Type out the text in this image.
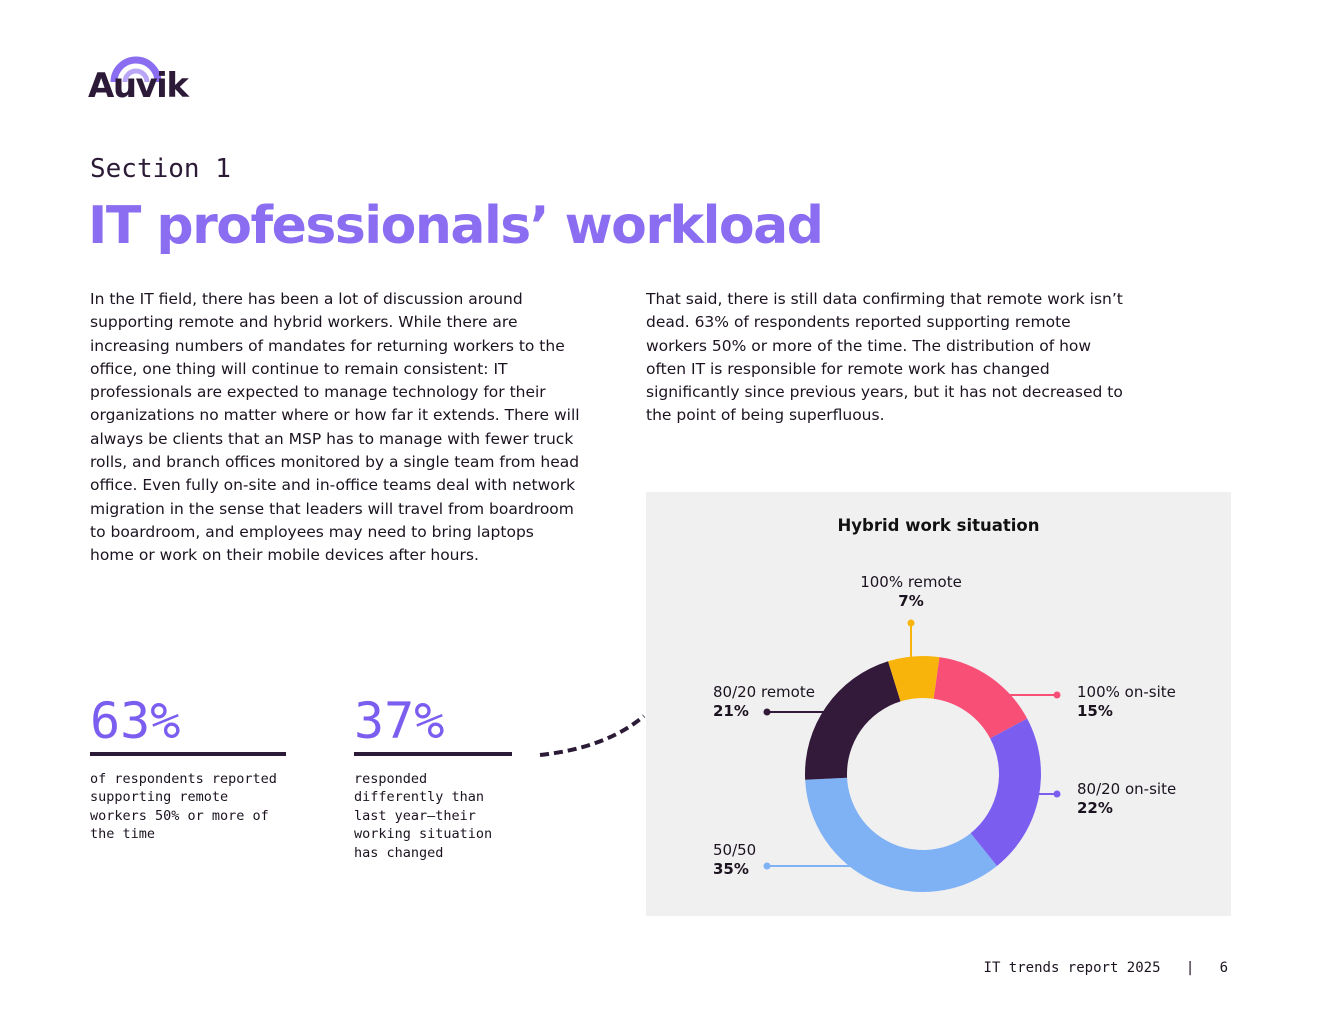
Auvik
Section 1
IT professionals’ workload
In the IT field, there has been a lot of discussion around supporting remote and hybrid workers. While there are increasing numbers of mandates for returning workers to the office, one thing will continue to remain consistent: IT professionals are expected to manage technology for their organizations no matter where or how far it extends. There will always be clients that an MSP has to manage with fewer truck rolls, and branch offices monitored by a single team from head office. Even fully on-site and in-office teams deal with network migration in the sense that leaders will travel from boardroom to boardroom, and employees may need to bring laptops home or work on their mobile devices after hours.
That said, there is still data confirming that remote work isn’t dead. 63% of respondents reported supporting remote workers 50% or more of the time. The distribution of how often IT is responsible for remote work has changed significantly since previous years, but it has not decreased to the point of being superfluous.
63%
of respondents reported supporting remote workers 50% or more of the time
37%
responded differently than last year—their working situation has changed
Hybrid work situation
100% on-site
15%
80/20 on-site
22%
50/50
35%
80/20 remote
21%
100% remote
7%
IT trends report 2025 | 6
